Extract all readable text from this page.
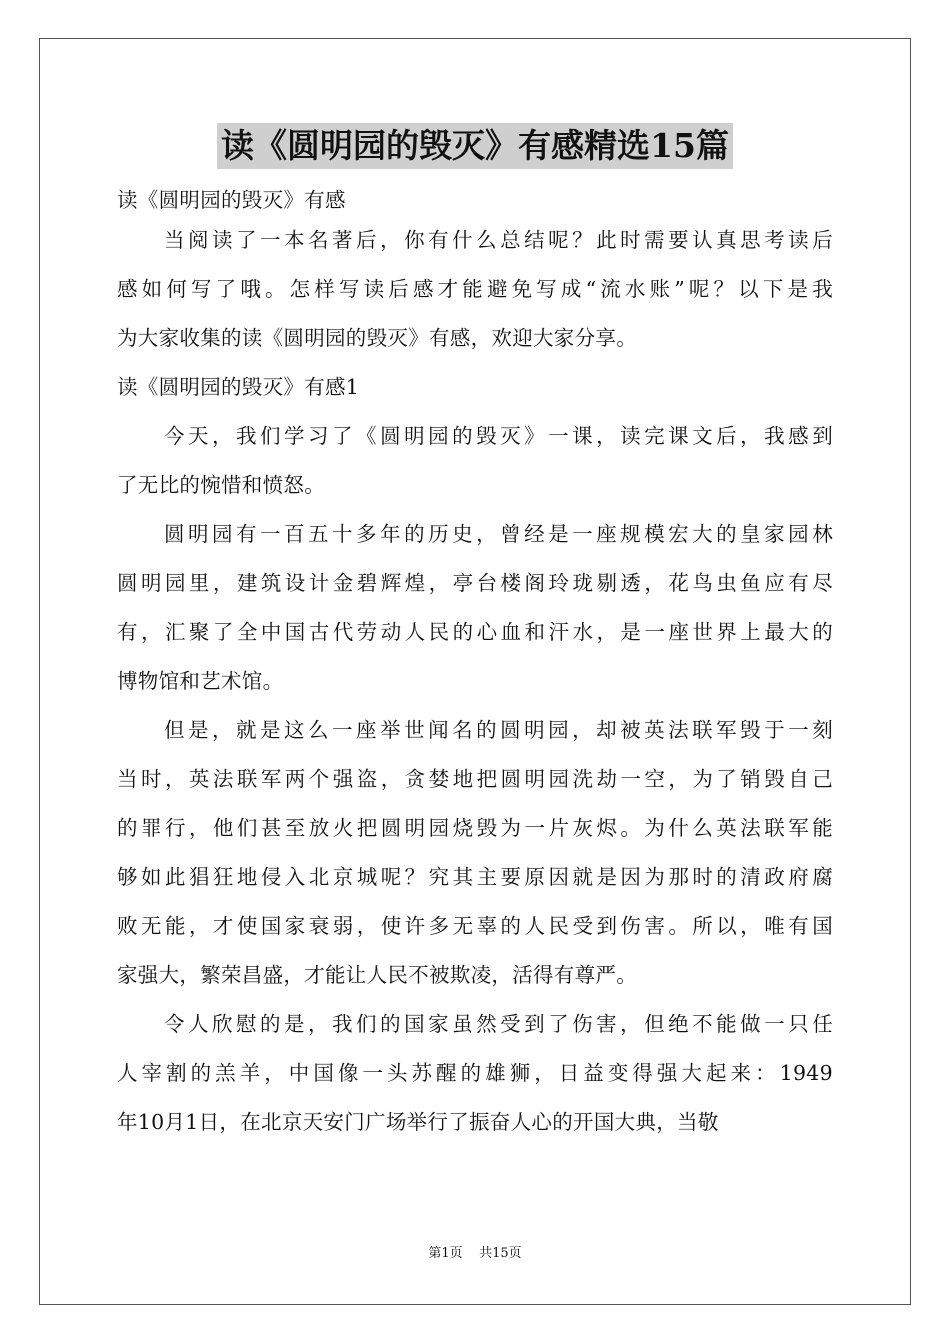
读《圆明园的毁灭》有感精选15篇
读《圆明园的毁灭》有感
当阅读了一本名著后，你有什么总结呢？此时需要认真思考读后
感如何写了哦。怎样写读后感才能避免写成“流水账”呢？以下是我
为大家收集的读《圆明园的毁灭》有感，欢迎大家分享。
读《圆明园的毁灭》有感1
今天，我们学习了《圆明园的毁灭》一课，读完课文后，我感到
了无比的惋惜和愤怒。
圆明园有一百五十多年的历史，曾经是一座规模宏大的皇家园林
圆明园里，建筑设计金碧辉煌，亭台楼阁玲珑剔透，花鸟虫鱼应有尽
有，汇聚了全中国古代劳动人民的心血和汗水，是一座世界上最大的
博物馆和艺术馆。
但是，就是这么一座举世闻名的圆明园，却被英法联军毁于一刻
当时，英法联军两个强盗，贪婪地把圆明园洗劫一空，为了销毁自己
的罪行，他们甚至放火把圆明园烧毁为一片灰烬。为什么英法联军能
够如此猖狂地侵入北京城呢？究其主要原因就是因为那时的清政府腐
败无能，才使国家衰弱，使许多无辜的人民受到伤害。所以，唯有国
家强大，繁荣昌盛，才能让人民不被欺凌，活得有尊严。
令人欣慰的是，我们的国家虽然受到了伤害，但绝不能做一只任
人宰割的羔羊，中国像一头苏醒的雄狮，日益变得强大起来：1949
年10月1日，在北京天安门广场举行了振奋人心的开国大典，当敬
第1页    共15页
